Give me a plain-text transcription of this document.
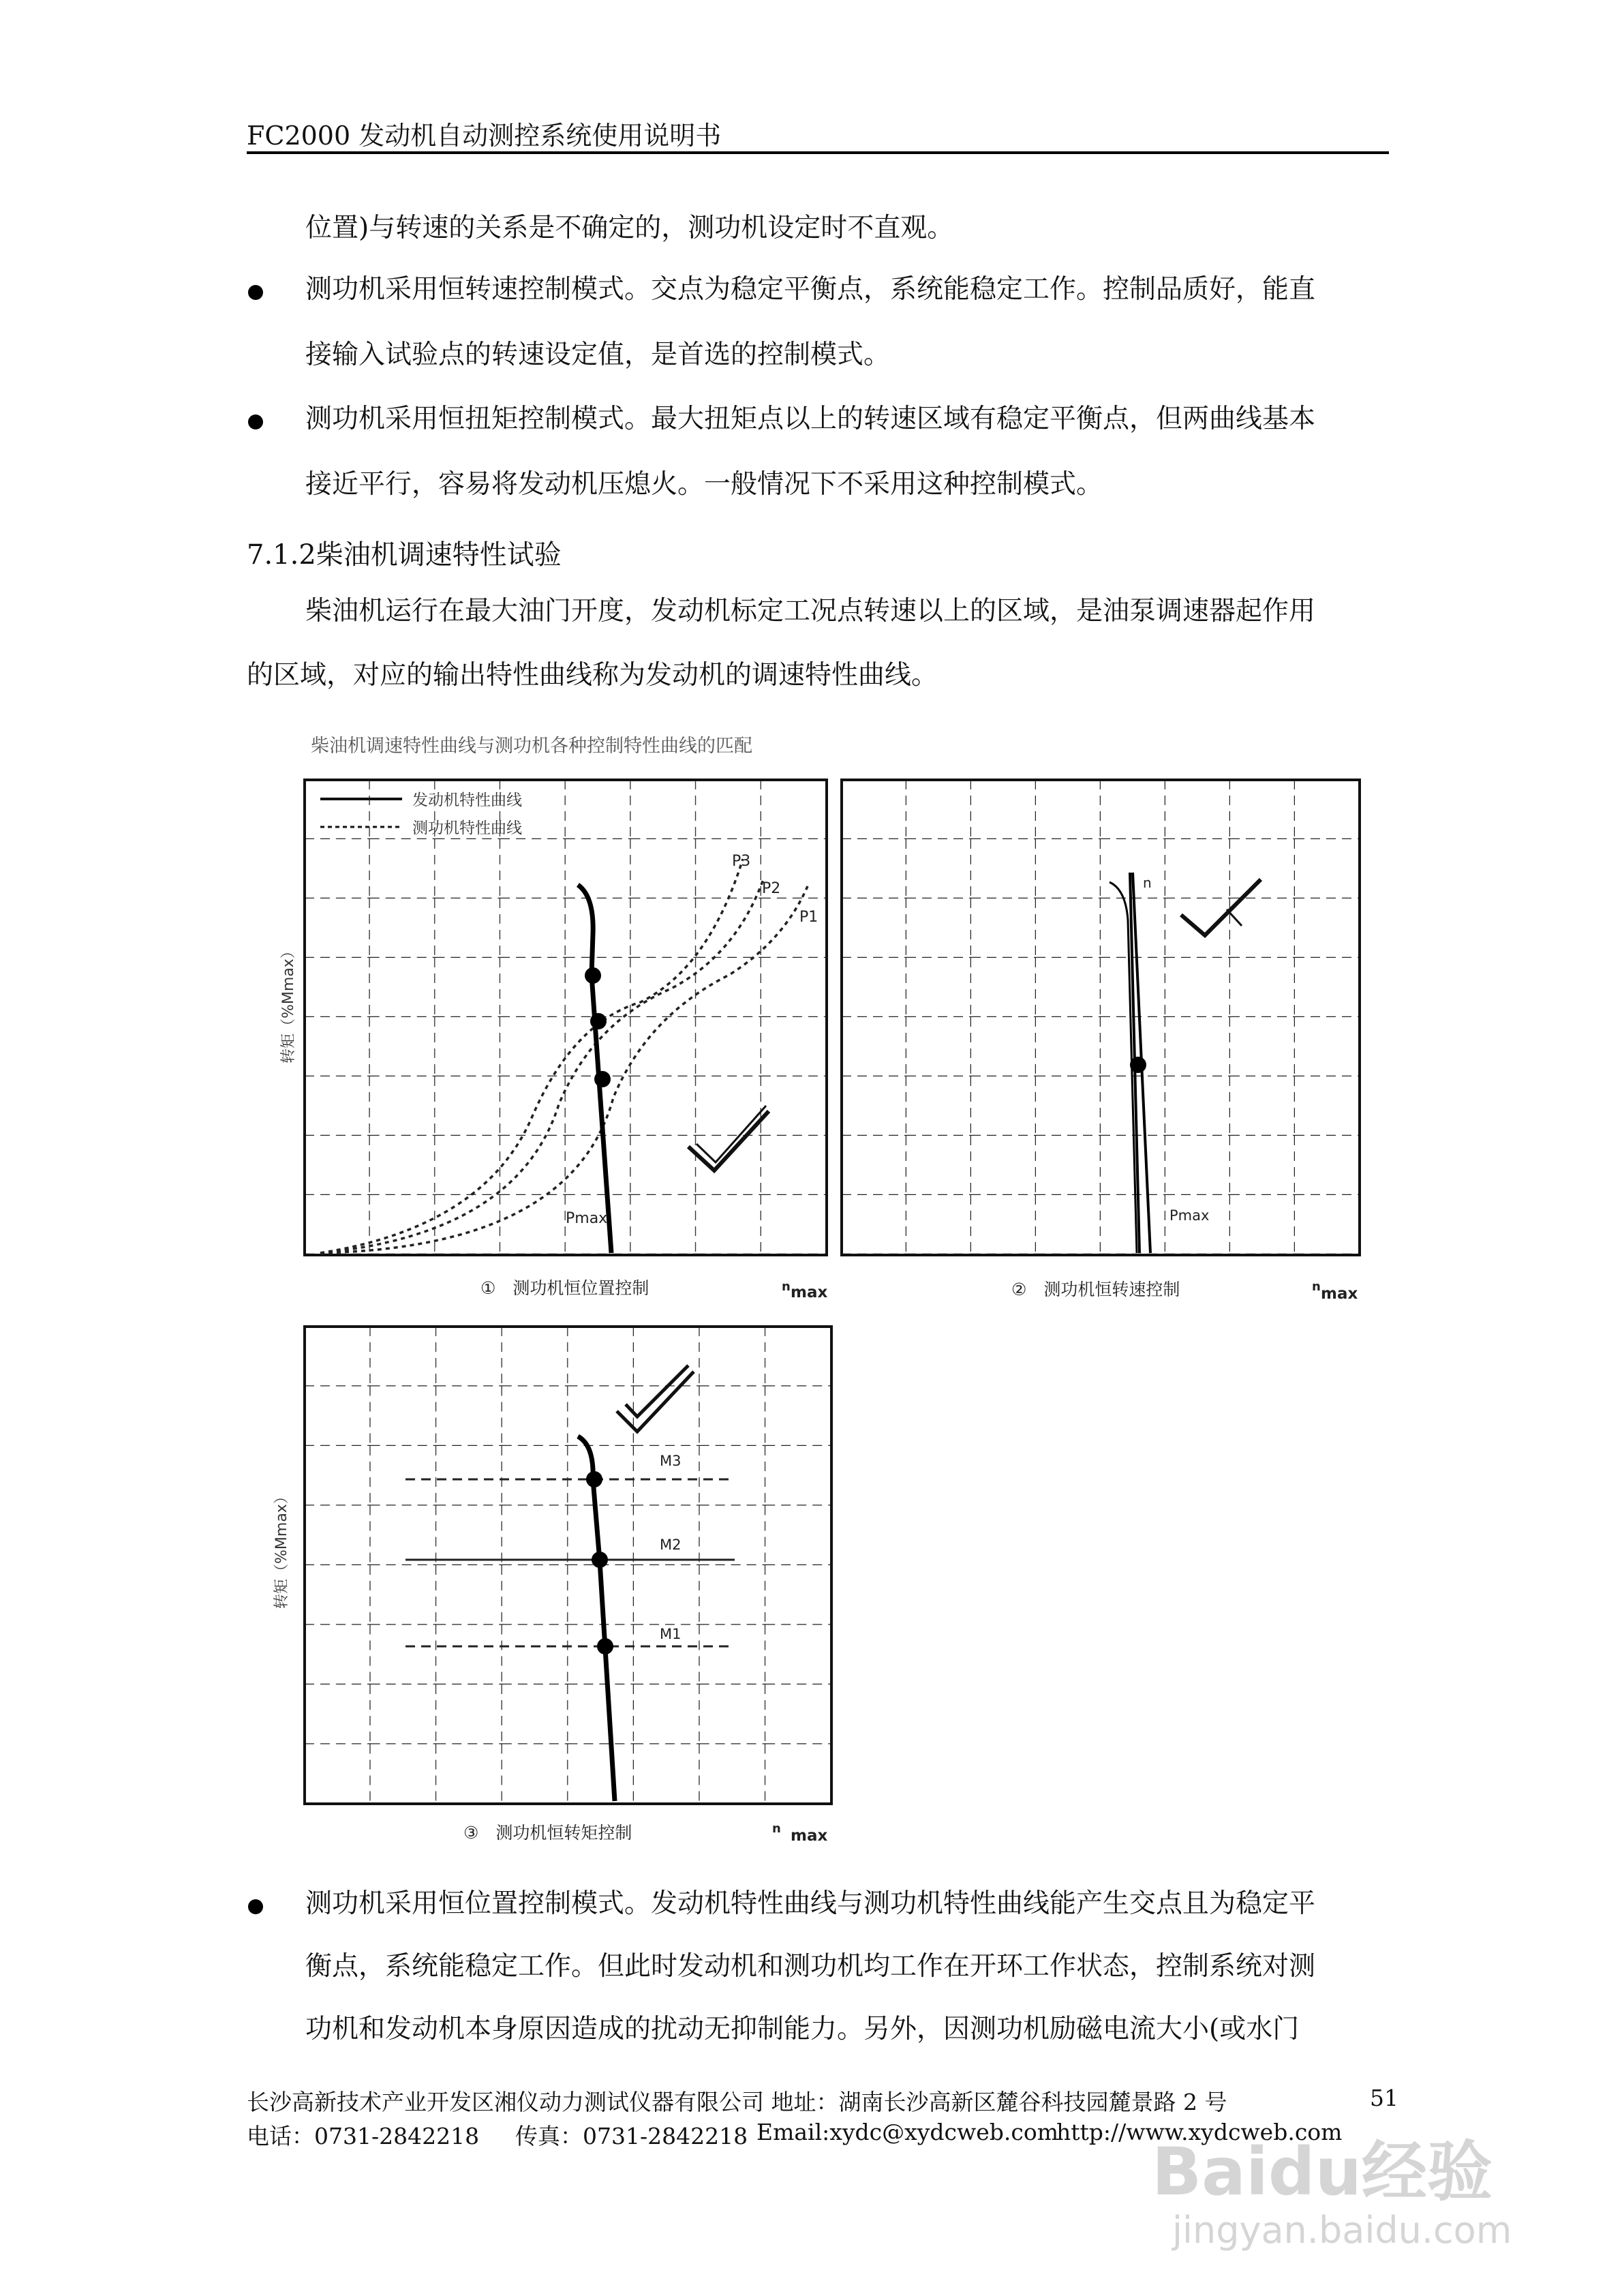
FC2000 发动机自动测控系统使用说明书
位置)与转速的关系是不确定的，测功机设定时不直观。
测功机采用恒转速控制模式。交点为稳定平衡点，系统能稳定工作。控制品质好，能直
接输入试验点的转速设定值，是首选的控制模式。
测功机采用恒扭矩控制模式。最大扭矩点以上的转速区域有稳定平衡点，但两曲线基本
接近平行，容易将发动机压熄火。一般情况下不采用这种控制模式。
7.1.2柴油机调速特性试验
柴油机运行在最大油门开度，发动机标定工况点转速以上的区域，是油泵调速器起作用
的区域，对应的输出特性曲线称为发动机的调速特性曲线。
柴油机调速特性曲线与测功机各种控制特性曲线的匹配
发动机特性曲线
测功机特性曲线
P3
P2
P1
Pmax
转矩（%Mmax）
n
Pmax
M3
M2
M1
转矩（%Mmax）
①　测功机恒位置控制	n max	②　测功机恒转速控制	n max
③　测功机恒转矩控制	n max
测功机采用恒位置控制模式。发动机特性曲线与测功机特性曲线能产生交点且为稳定平
衡点，系统能稳定工作。但此时发动机和测功机均工作在开环工作状态，控制系统对测
功机和发动机本身原因造成的扰动无抑制能力。另外，因测功机励磁电流大小(或水门
长沙高新技术产业开发区湘仪动力测试仪器有限公司 地址：湖南长沙高新区麓谷科技园麓景路 2 号	51
电话：0731-2842218 传真：0731-2842218 Email:xydc@xydcweb.com
http://www.xydcweb.com
Baidu经验
jingyan.baidu.com
